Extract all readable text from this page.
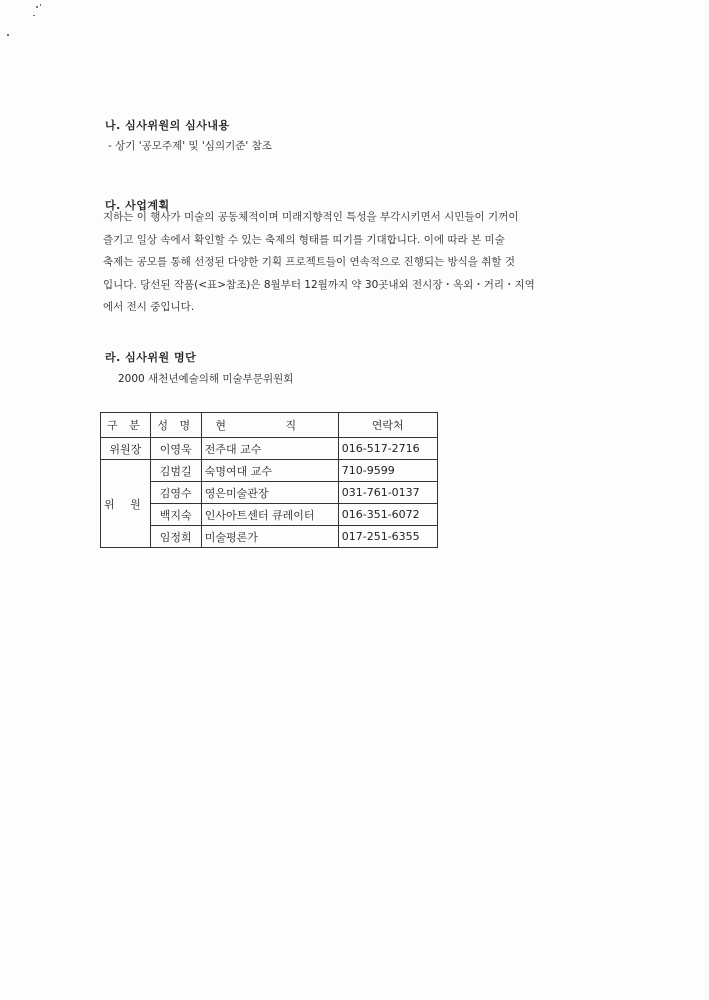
나. 심사위원의 심사내용
- 상기 '공모주제' 및 '심의기준' 참조
다. 사업계획

지하는 이 행사가 미술의 공동체적이며 미래지향적인 특성을 부각시키면서 시민들이 기꺼이

즐기고 일상 속에서 확인할 수 있는 축제의 형태를 띠기를 기대합니다. 이에 따라 본 미술

축제는 공모를 통해 선정된 다양한 기획 프로젝트들이 연속적으로 진행되는 방식을 취할 것

입니다. 당선된 작품(<표>참조)은 8월부터 12월까지 약 30곳내외 전시장・옥외・거리・지역

에서 전시 중입니다.

라. 심사위원 명단
2000 새천년예술의해 미술부문위원회
구 분	성 명	현 직	연락처
위원장	이영욱	전주대 교수	016-517-2716
위 원	김범길	숙명여대 교수	710-9599
	김영수	영은미술관장	031-761-0137
	백지숙	인사아트센터 큐레이터	016-351-6072
	임정희	미술평론가	017-251-6355
